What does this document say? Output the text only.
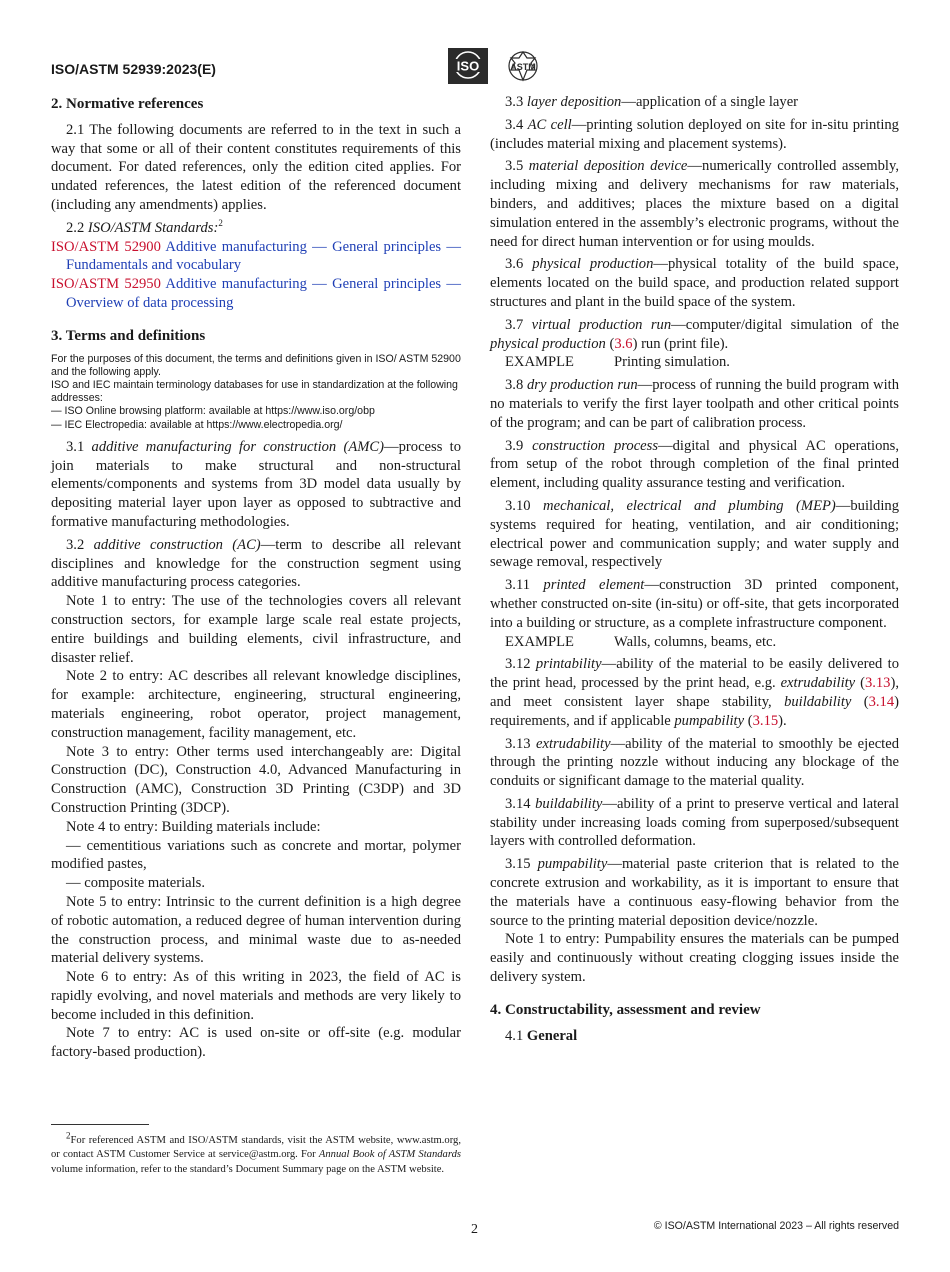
ISO/ASTM 52939:2023(E)	ISO	ASTM
2. Normative references

2.1 The following documents are referred to in the text in such a way that some or all of their content constitutes requirements of this document. For dated references, only the edition cited applies. For undated references, the latest edition of the referenced document (including any amendments) applies.

2.2 ISO/ASTM Standards:$^2$

ISO/ASTM 52900 Additive manufacturing — General principles — Fundamentals and vocabulary
ISO/ASTM 52950 Additive manufacturing — General principles — Overview of data processing
3. Terms and definitions
For the purposes of this document, the terms and definitions given in ISO/ ASTM 52900 and the following apply.
ISO and IEC maintain terminology databases for use in standardization at the following addresses:
— ISO Online browsing platform: available at https://www.iso.org/obp
— IEC Electropedia: available at https://www.electropedia.org/

3.1 additive manufacturing for construction (AMC)—process to join materials to make structural and non-structural elements/components and systems from 3D model data usually by depositing material layer upon layer as opposed to subtractive and formative manufacturing methodologies.

3.2 additive construction (AC)—term to describe all relevant disciplines and knowledge for the construction segment using additive manufacturing process categories.

Note 1 to entry: The use of the technologies covers all relevant construction sectors, for example large scale real estate projects, entire buildings and building elements, civil infrastructure, and disaster relief.

Note 2 to entry: AC describes all relevant knowledge disciplines, for example: architecture, engineering, structural engineering, materials engineering, robot operator, project management, construction management, facility management, etc.

Note 3 to entry: Other terms used interchangeably are: Digital Construction (DC), Construction 4.0, Advanced Manufacturing in Construction (AMC), Construction 3D Printing (C3DP) and 3D Construction Printing (3DCP).

Note 4 to entry: Building materials include:

— cementitious variations such as concrete and mortar, polymer modified pastes,

— composite materials.

Note 5 to entry: Intrinsic to the current definition is a high degree of robotic automation, a reduced degree of human intervention during the construction process, and minimal waste due to as-needed material delivery systems.

Note 6 to entry: As of this writing in 2023, the field of AC is rapidly evolving, and novel materials and methods are very likely to become included in this definition.

Note 7 to entry: AC is used on-site or off-site (e.g. modular factory-based production).

3.3 layer deposition—application of a single layer

3.4 AC cell—printing solution deployed on site for in-situ printing (includes material mixing and placement systems).

3.5 material deposition device—numerically controlled assembly, including mixing and delivery mechanisms for raw materials, binders, and additives; places the mixture based on a digital simulation entered in the assembly’s electronic programs, without the need for direct human intervention or for using moulds.

3.6 physical production—physical totality of the build space, elements located on the build space, and production related support structures and plant in the build space of the system.

3.7 virtual production run—computer/digital simulation of the physical production (3.6) run (print file).

EXAMPLE	Printing simulation.

3.8 dry production run—process of running the build program with no materials to verify the first layer toolpath and other critical points of the program; and can be part of calibration process.

3.9 construction process—digital and physical AC operations, from setup of the robot through completion of the final printed element, including quality assurance testing and verification.

3.10 mechanical, electrical and plumbing (MEP)—building systems required for heating, ventilation, and air conditioning; electrical power and communication supply; and water supply and sewage removal, respectively

3.11 printed element—construction 3D printed component, whether constructed on-site (in-situ) or off-site, that gets incorporated into a building or structure, as a complete infrastructure component.

EXAMPLE	Walls, columns, beams, etc.

3.12 printability—ability of the material to be easily delivered to the print head, processed by the print head, e.g. extrudability (3.13), and meet consistent layer shape stability, buildability (3.14) requirements, and if applicable pumpability (3.15).

3.13 extrudability—ability of the material to smoothly be ejected through the printing nozzle without inducing any blockage of the conduits or significant damage to the material quality.

3.14 buildability—ability of a print to preserve vertical and lateral stability under increasing loads coming from superposed/subsequent layers with controlled deformation.

3.15 pumpability—material paste criterion that is related to the concrete extrusion and workability, as it is important to ensure that the materials have a continuous easy-flowing behavior from the source to the printing material deposition device/nozzle.

Note 1 to entry: Pumpability ensures the materials can be pumped easily and continuously without creating clogging issues inside the delivery system.

4. Constructability, assessment and review

4.1 General

$^2$For referenced ASTM and ISO/ASTM standards, visit the ASTM website, www.astm.org, or contact ASTM Customer Service at service@astm.org. For Annual Book of ASTM Standards volume information, refer to the standard’s Document Summary page on the ASTM website.
2	© ISO/ASTM International 2023 – All rights reserved
